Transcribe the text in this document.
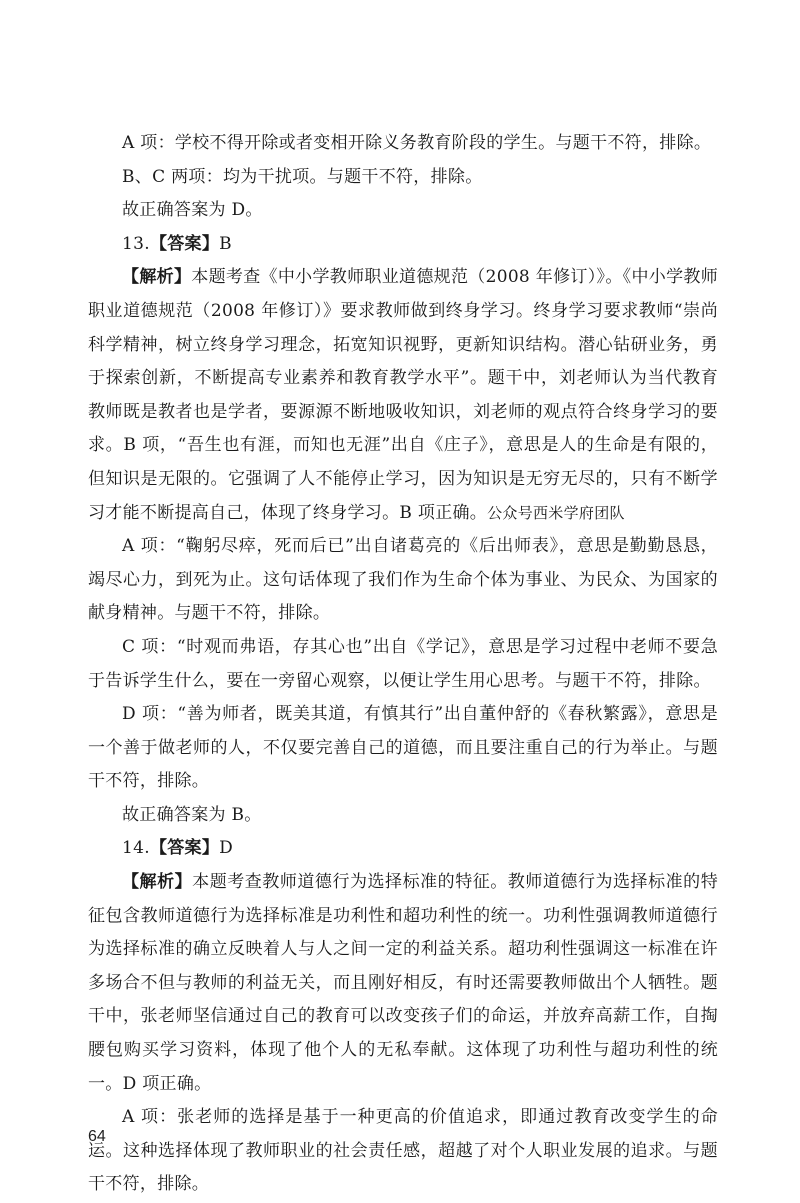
A 项：学校不得开除或者变相开除义务教育阶段的学生。与题干不符，排除。

B、C 两项：均为干扰项。与题干不符，排除。

故正确答案为 D。

13.【答案】B

【解析】本题考查《中小学教师职业道德规范（2008 年修订）》。《中小学教师职业道德规范（2008 年修订）》要求教师做到终身学习。终身学习要求教师“崇尚科学精神，树立终身学习理念，拓宽知识视野，更新知识结构。潜心钻研业务，勇于探索创新，不断提高专业素养和教育教学水平”。题干中，刘老师认为当代教育教师既是教者也是学者，要源源不断地吸收知识，刘老师的观点符合终身学习的要求。B 项，“吾生也有涯，而知也无涯”出自《庄子》，意思是人的生命是有限的，但知识是无限的。它强调了人不能停止学习，因为知识是无穷无尽的，只有不断学习才能不断提高自己，体现了终身学习。B 项正确。公众号西米学府团队

A 项：“鞠躬尽瘁，死而后已”出自诸葛亮的《后出师表》，意思是勤勤恳恳，竭尽心力，到死为止。这句话体现了我们作为生命个体为事业、为民众、为国家的献身精神。与题干不符，排除。

C 项：“时观而弗语，存其心也”出自《学记》，意思是学习过程中老师不要急于告诉学生什么，要在一旁留心观察，以便让学生用心思考。与题干不符，排除。

D 项：“善为师者，既美其道，有慎其行”出自董仲舒的《春秋繁露》，意思是一个善于做老师的人，不仅要完善自己的道德，而且要注重自己的行为举止。与题干不符，排除。

故正确答案为 B。

14.【答案】D

【解析】本题考查教师道德行为选择标准的特征。教师道德行为选择标准的特征包含教师道德行为选择标准是功利性和超功利性的统一。功利性强调教师道德行为选择标准的确立反映着人与人之间一定的利益关系。超功利性强调这一标准在许多场合不但与教师的利益无关，而且刚好相反，有时还需要教师做出个人牺牲。题干中，张老师坚信通过自己的教育可以改变孩子们的命运，并放弃高薪工作，自掏腰包购买学习资料，体现了他个人的无私奉献。这体现了功利性与超功利性的统一。D 项正确。

A 项：张老师的选择是基于一种更高的价值追求，即通过教育改变学生的命运。这种选择体现了教师职业的社会责任感，超越了对个人职业发展的追求。与题干不符，排除。

64
